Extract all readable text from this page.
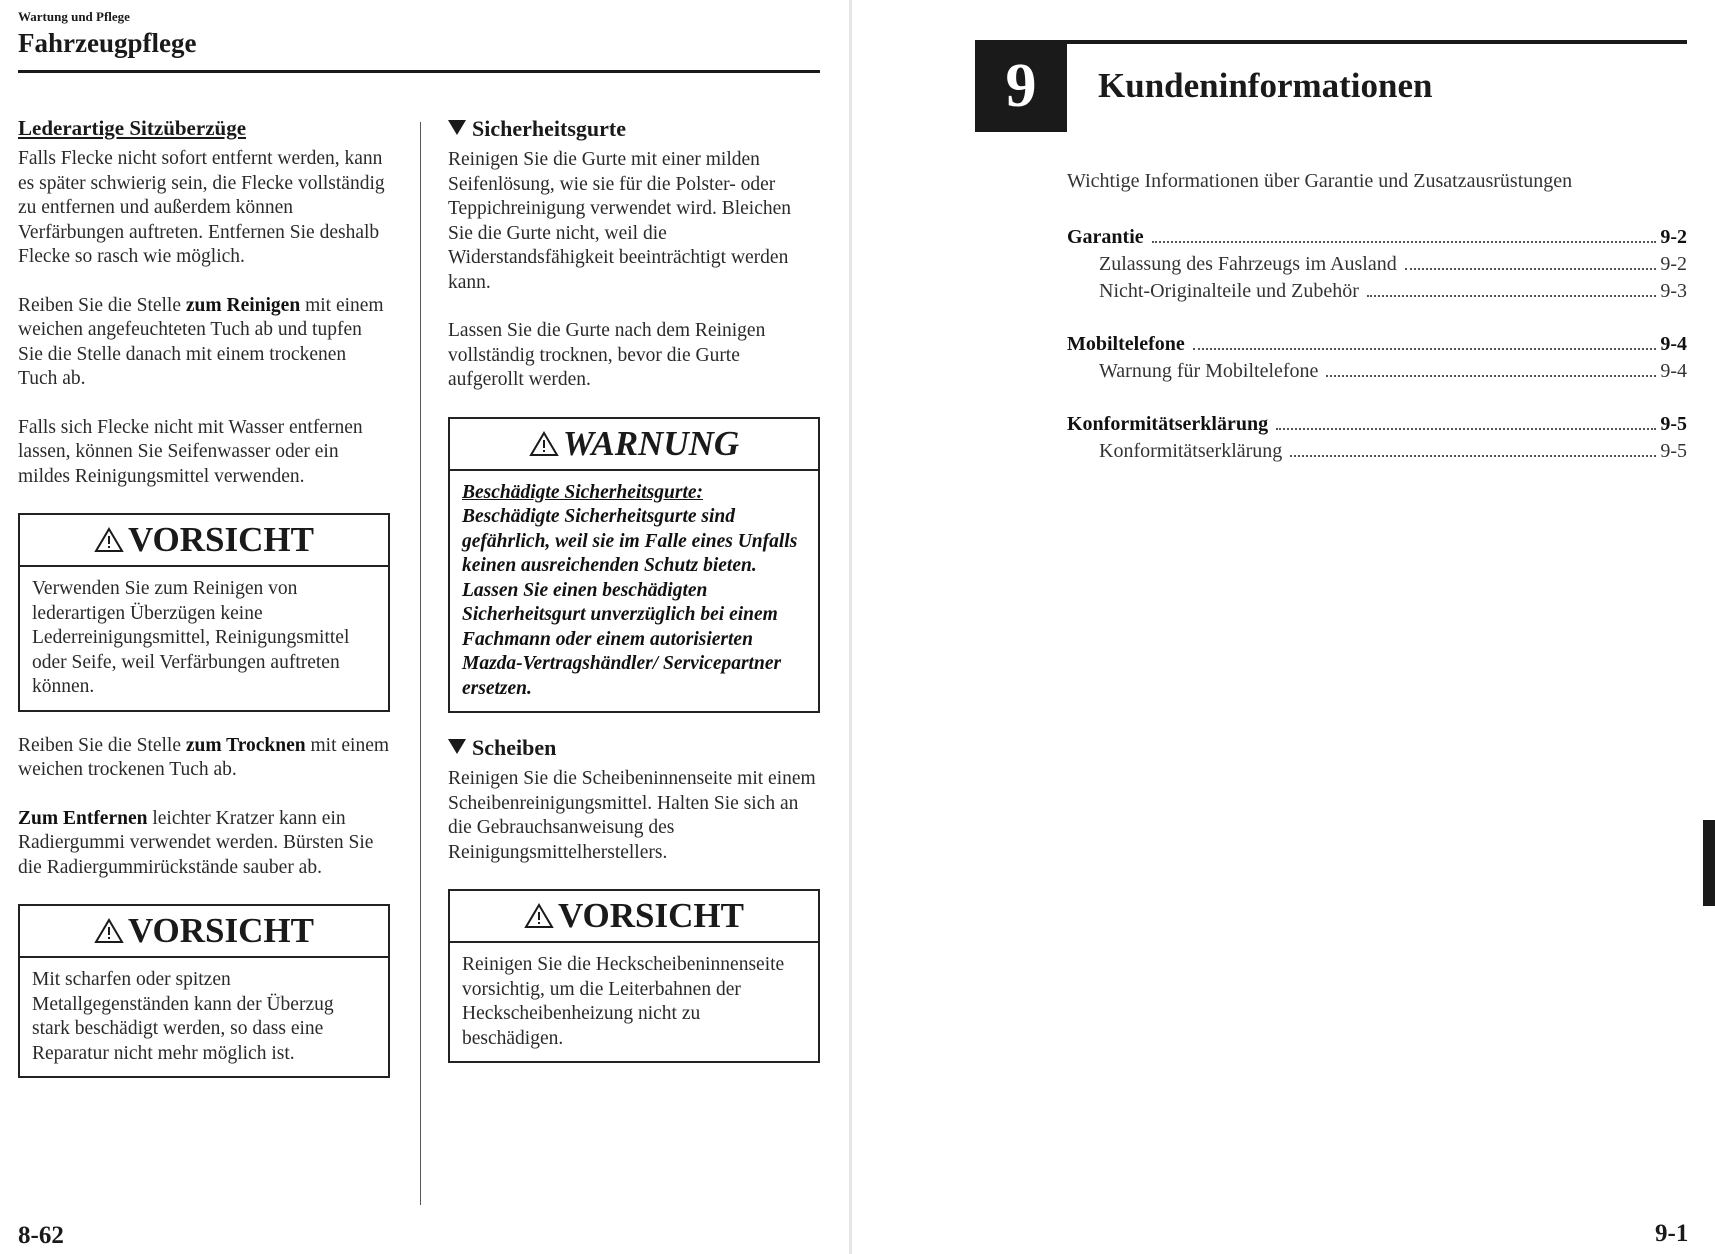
Wartung und Pflege
Fahrzeugpflege
Lederartige Sitzüberzüge

Falls Flecke nicht sofort entfernt werden, kann es später schwierig sein, die Flecke vollständig zu entfernen und außerdem können Verfärbungen auftreten. Entfernen Sie deshalb Flecke so rasch wie möglich.

Reiben Sie die Stelle zum Reinigen mit einem weichen angefeuchteten Tuch ab und tupfen Sie die Stelle danach mit einem trockenen Tuch ab.

Falls sich Flecke nicht mit Wasser entfernen lassen, können Sie Seifenwasser oder ein mildes Reinigungsmittel verwenden.

VORSICHT
Verwenden Sie zum Reinigen von lederartigen Überzügen keine Lederreinigungsmittel, Reinigungsmittel oder Seife, weil Verfärbungen auftreten können.

Reiben Sie die Stelle zum Trocknen mit einem weichen trockenen Tuch ab.

Zum Entfernen leichter Kratzer kann ein Radiergummi verwendet werden. Bürsten Sie die Radiergummirückstände sauber ab.

VORSICHT
Mit scharfen oder spitzen Metallgegenständen kann der Überzug stark beschädigt werden, so dass eine Reparatur nicht mehr möglich ist.
Sicherheitsgurte

Reinigen Sie die Gurte mit einer milden Seifenlösung, wie sie für die Polster- oder Teppichreinigung verwendet wird. Bleichen Sie die Gurte nicht, weil die Widerstandsfähigkeit beeinträchtigt werden kann.

Lassen Sie die Gurte nach dem Reinigen vollständig trocknen, bevor die Gurte aufgerollt werden.

WARNUNG
Beschädigte Sicherheitsgurte:
Beschädigte Sicherheitsgurte sind gefährlich, weil sie im Falle eines Unfalls keinen ausreichenden Schutz bieten. Lassen Sie einen beschädigten Sicherheitsgurt unverzüglich bei einem Fachmann oder einem autorisierten Mazda-Vertragshändler/ Servicepartner ersetzen.
Scheiben

Reinigen Sie die Scheibeninnenseite mit einem Scheibenreinigungsmittel. Halten Sie sich an die Gebrauchsanweisung des Reinigungsmittelherstellers.

VORSICHT
Reinigen Sie die Heckscheibeninnenseite vorsichtig, um die Leiterbahnen der Heckscheibenheizung nicht zu beschädigen.
8-62
9	Kundeninformationen
Wichtige Informationen über Garantie und Zusatzausrüstungen
Garantie	9-2
Zulassung des Fahrzeugs im Ausland	9-2
Nicht-Originalteile und Zubehör	9-3
Mobiltelefone	9-4
Warnung für Mobiltelefone	9-4
Konformitätserklärung	9-5
Konformitätserklärung	9-5
9-1
